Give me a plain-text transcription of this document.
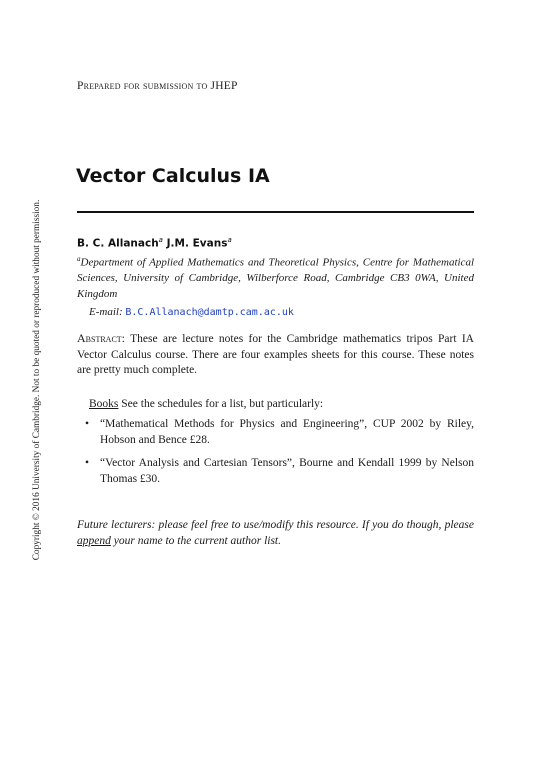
Copyright © 2016 University of Cambridge. Not to be quoted or reproduced without permission.
Prepared for submission to JHEP
Vector Calculus IA
B. C. Allanach$^a$ J.M. Evans$^a$
$^a$Department of Applied Mathematics and Theoretical Physics, Centre for Mathematical Sciences, University of Cambridge, Wilberforce Road, Cambridge CB3 0WA, United Kingdom
E-mail: B.C.Allanach@damtp.cam.ac.uk
Abstract: These are lecture notes for the Cambridge mathematics tripos Part IA Vector Calculus course. There are four examples sheets for this course. These notes are pretty much complete.
Books See the schedules for a list, but particularly:
• “Mathematical Methods for Physics and Engineering”, CUP 2002 by Riley, Hobson and Bence £28.
• “Vector Analysis and Cartesian Tensors”, Bourne and Kendall 1999 by Nelson Thomas £30.
Future lecturers: please feel free to use/modify this resource. If you do though, please append your name to the current author list.
